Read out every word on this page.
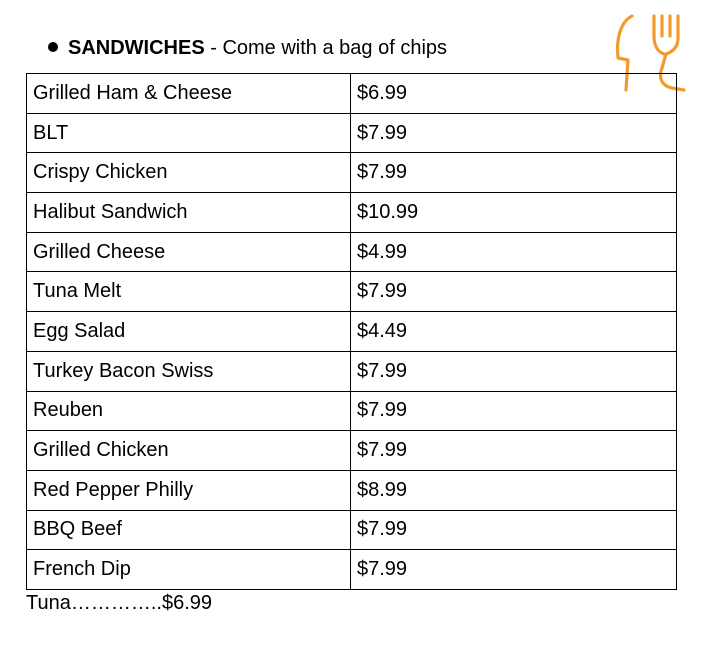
SANDWICHES - Come with a bag of chips
Grilled Ham & Cheese	$6.99
BLT	$7.99
Crispy Chicken	$7.99
Halibut Sandwich	$10.99
Grilled Cheese	$4.99
Tuna Melt	$7.99
Egg Salad	$4.49
Turkey Bacon Swiss	$7.99
Reuben	$7.99
Grilled Chicken	$7.99
Red Pepper Philly	$8.99
BBQ Beef	$7.99
French Dip	$7.99
Tuna…………..$6.99
